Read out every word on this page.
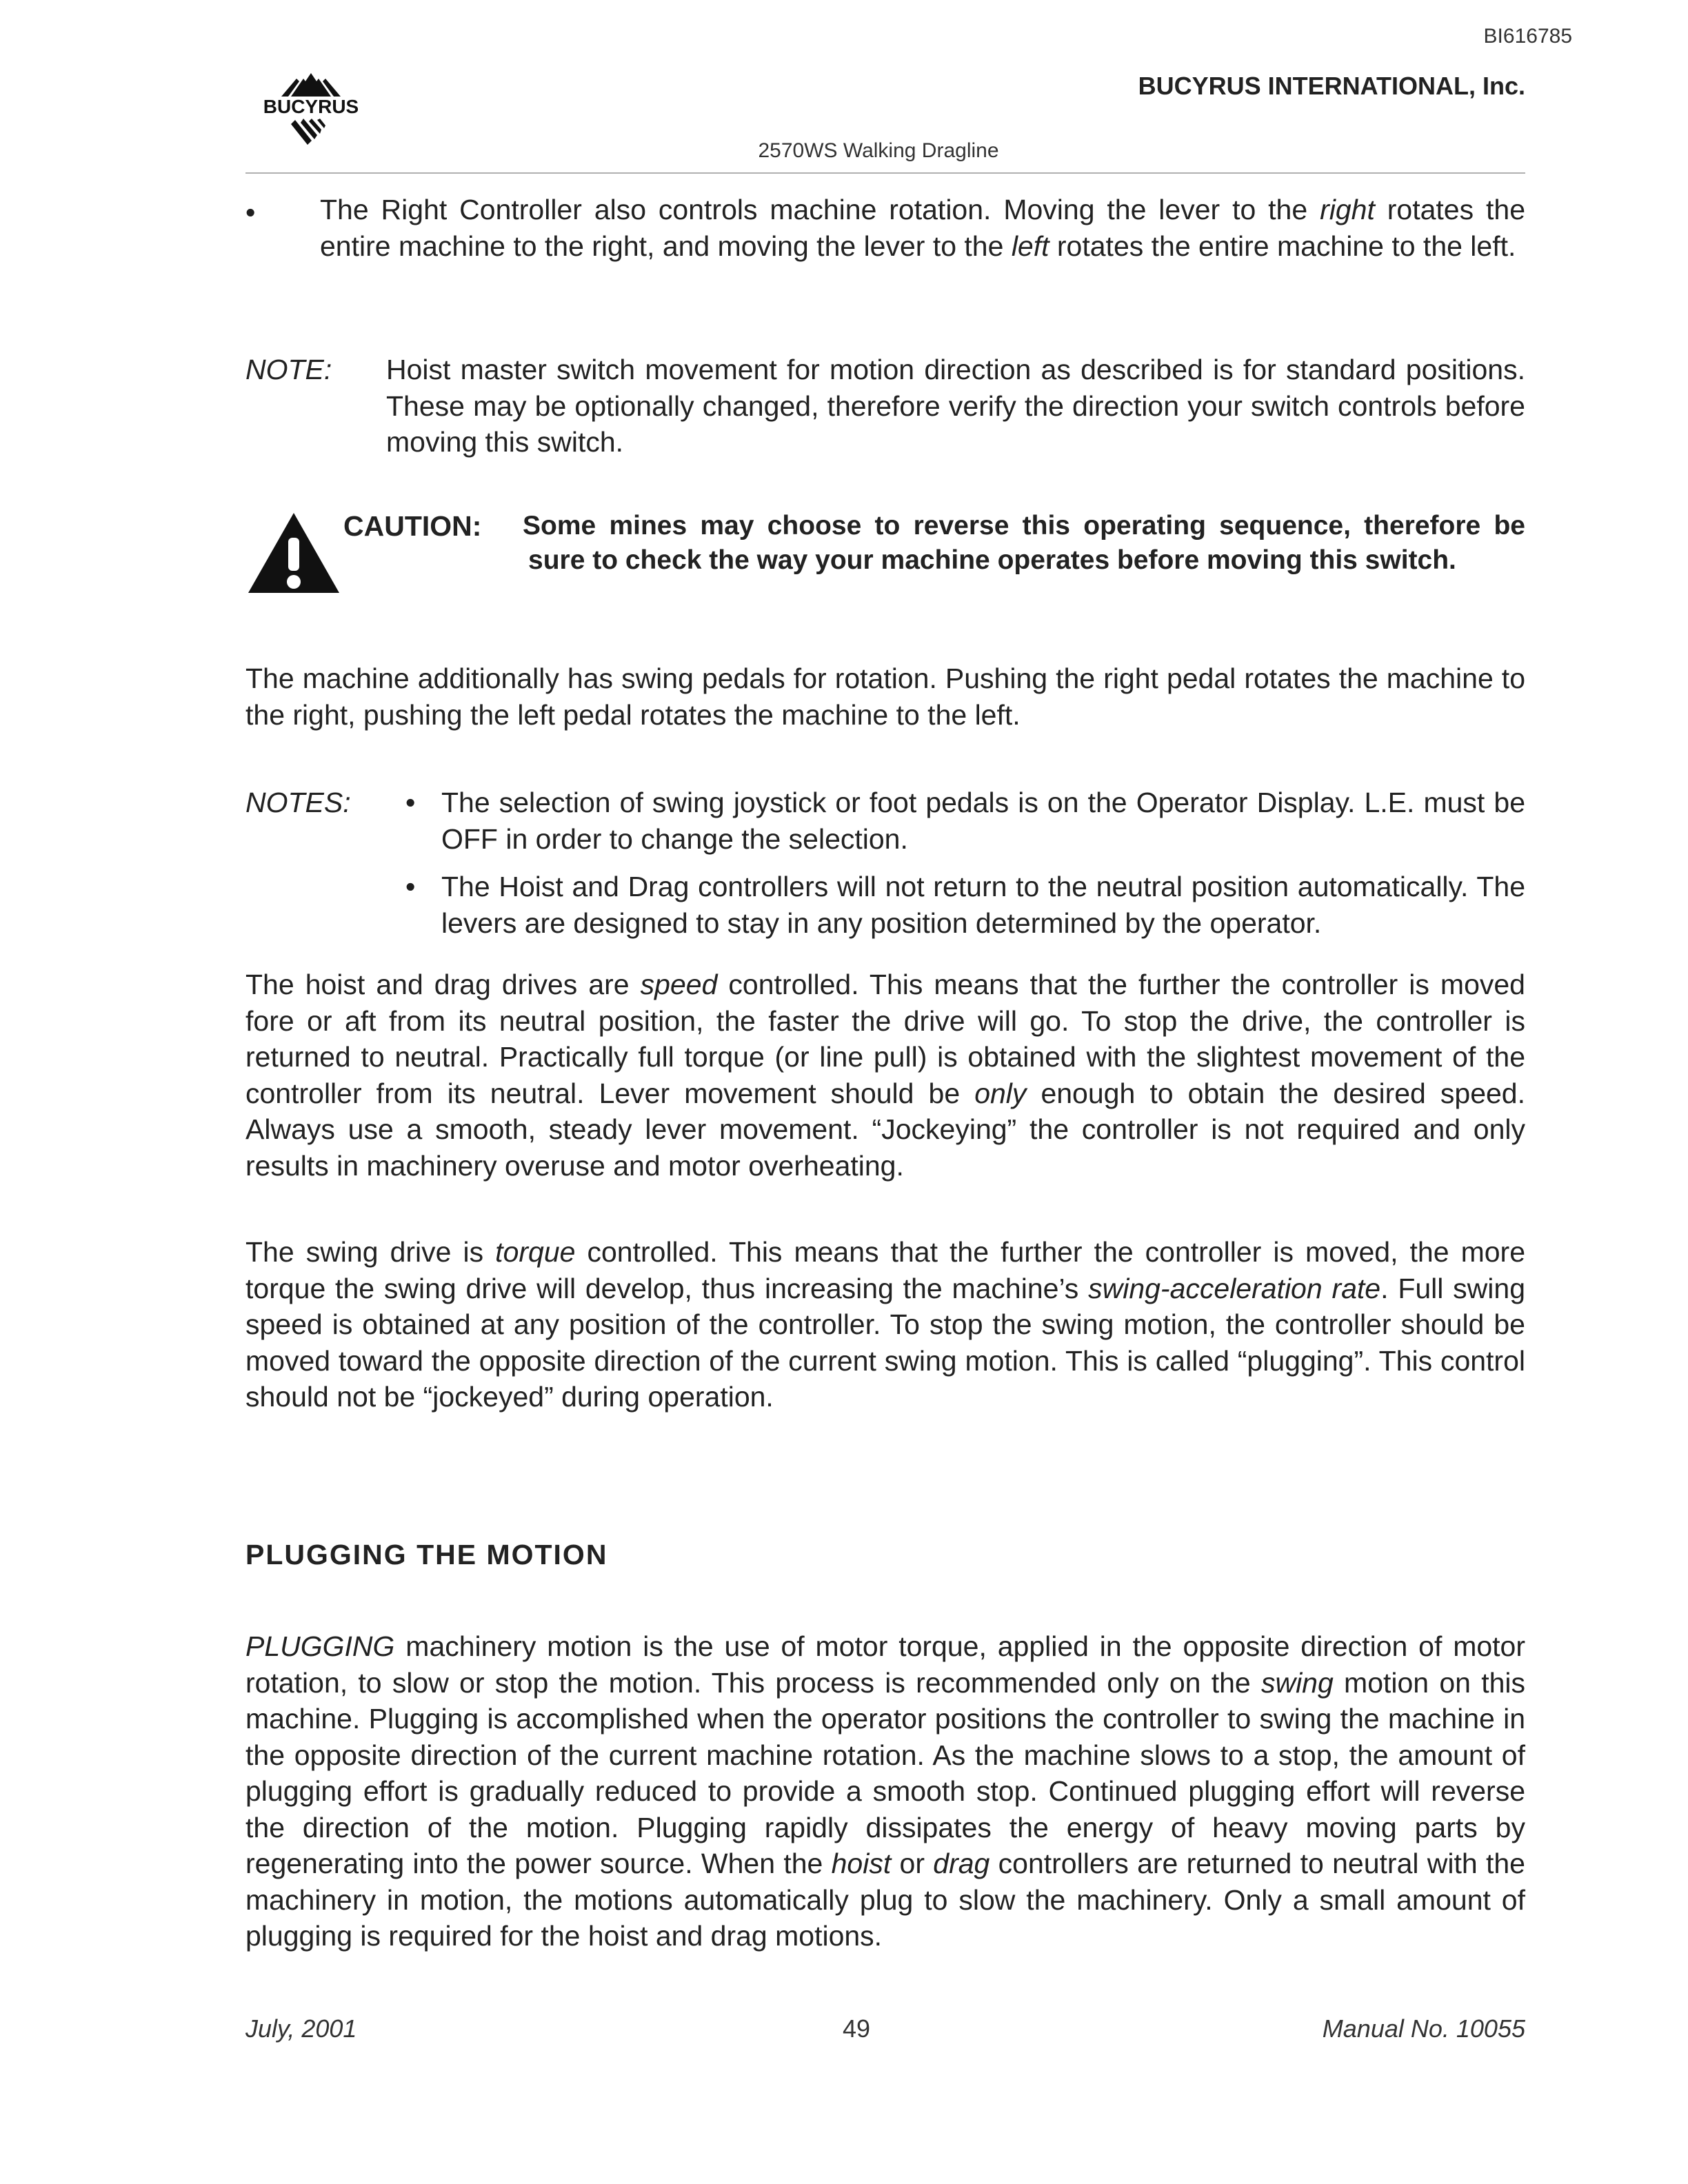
BI616785
BUCYRUS
BUCYRUS INTERNATIONAL, Inc.
2570WS Walking Dragline
• The Right Controller also controls machine rotation. Moving the lever to the right rotates the entire machine to the right, and moving the lever to the left rotates the entire machine to the left.
NOTE: Hoist master switch movement for motion direction as described is for standard positions. These may be optionally changed, therefore verify the direction your switch controls before moving this switch.
CAUTION: Some mines may choose to reverse this operating sequence, therefore be sure to check the way your machine operates before moving this switch.
The machine additionally has swing pedals for rotation. Pushing the right pedal rotates the machine to the right, pushing the left pedal rotates the machine to the left.
NOTES: • The selection of swing joystick or foot pedals is on the Operator Display. L.E. must be OFF in order to change the selection.
• The Hoist and Drag controllers will not return to the neutral position automatically. The levers are designed to stay in any position determined by the operator.
The hoist and drag drives are speed controlled. This means that the further the controller is moved fore or aft from its neutral position, the faster the drive will go. To stop the drive, the controller is returned to neutral. Practically full torque (or line pull) is obtained with the slightest movement of the controller from its neutral. Lever movement should be only enough to obtain the desired speed. Always use a smooth, steady lever movement. “Jockeying” the controller is not required and only results in machinery overuse and motor overheating.
The swing drive is torque controlled. This means that the further the controller is moved, the more torque the swing drive will develop, thus increasing the machine’s swing-acceleration rate. Full swing speed is obtained at any position of the controller. To stop the swing motion, the controller should be moved toward the opposite direction of the current swing motion. This is called “plugging”. This control should not be “jockeyed” during operation.
PLUGGING THE MOTION
PLUGGING machinery motion is the use of motor torque, applied in the opposite direction of motor rotation, to slow or stop the motion. This process is recommended only on the swing motion on this machine. Plugging is accomplished when the operator positions the controller to swing the machine in the opposite direction of the current machine rotation. As the machine slows to a stop, the amount of plugging effort is gradually reduced to provide a smooth stop. Continued plugging effort will reverse the direction of the motion. Plugging rapidly dissipates the energy of heavy moving parts by regenerating into the power source. When the hoist or drag controllers are returned to neutral with the machinery in motion, the motions automatically plug to slow the machinery. Only a small amount of plugging is required for the hoist and drag motions.
July, 2001	49	Manual No. 10055
